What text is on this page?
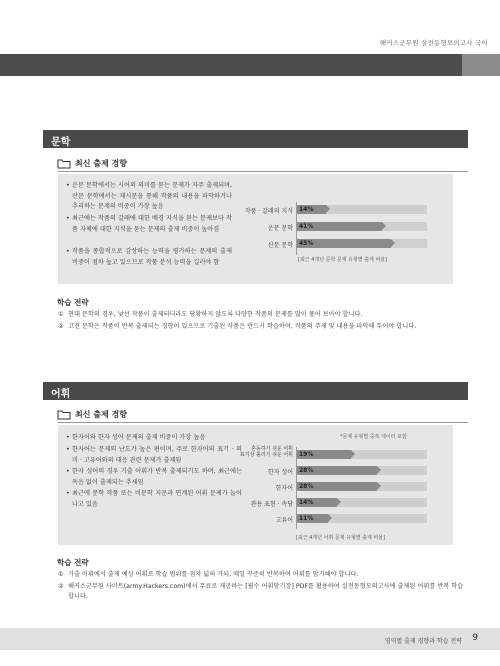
해커스군무원 실전동형모의고사 국어
문학
최신 출제 경향
• 운문 문학에서는 시어의 의미를 묻는 문제가 자주 출제되며, 산문 문학에서는 제시문을 통해 작품의 내용을 파악하거나 추리하는 문제의 비중이 가장 높음
• 최근에는 작품의 갈래에 대한 배경 지식을 묻는 문제보다 작품 자체에 대한 지식을 묻는 문제의 출제 비중이 높아짐
• 작품을 종합적으로 감상하는 능력을 평가하는 문제의 출제 비중이 점차 높고 있으므로 작품 분석 능력을 길러야 함
작품 · 갈래의 지식 14%
운문 문학 41%
산문 문학 45%
[최근 4개년 문학 문제 유형별 출제 비율]
학습 전략
① 현대 문학의 경우, 낯선 작품이 출제되더라도 당황하지 않도록 다양한 작품의 문제를 많이 풀어 보아야 합니다.
② 고전 문학은 작품이 반복 출제되는 경향이 있으므로 기출된 작품은 반드시 학습하여, 작품의 주제 및 내용을 파악해 두어야 합니다.
어휘
최신 출제 경향
• 한자어와 한자 성어 문제의 출제 비중이 가장 높음
• 한자어는 문제의 난도가 높은 편이며, 주로 한자어의 표기 · 의미 · 고유어와의 대응 관련 문제가 출제됨
• 한자 성어의 경우 기출 어휘가 반복 출제되기도 하며, 최근에는 독음 없이 출제되는 추세임
• 최근에 문학 작품 또는 비문학 지문과 연계된 어휘 문제가 늘어나고 있음
*문제 유형별 중복 데이터 포함
혼동하기 쉬운 어휘
표기상 틀리기 쉬운 어휘 19%
한자 성어 28%
한자어 28%
관용 표현 · 속담 14%
고유어 11%
[최근 4개년 어휘 문제 유형별 출제 비율]
학습 전략
① 기출 어휘에서 출제 예상 어휘로 학습 범위를 점차 넓혀 가되, 매일 꾸준히 반복하여 어휘를 암기해야 합니다.
② 해커스군무원 사이트(army.Hackers.com)에서 무료로 제공하는 [필수 어휘암기장] PDF를 활용하여 실전동형모의고사에 출제된 어휘를 반복 학습합니다.
영역별 출제 경향과 학습 전략 9
